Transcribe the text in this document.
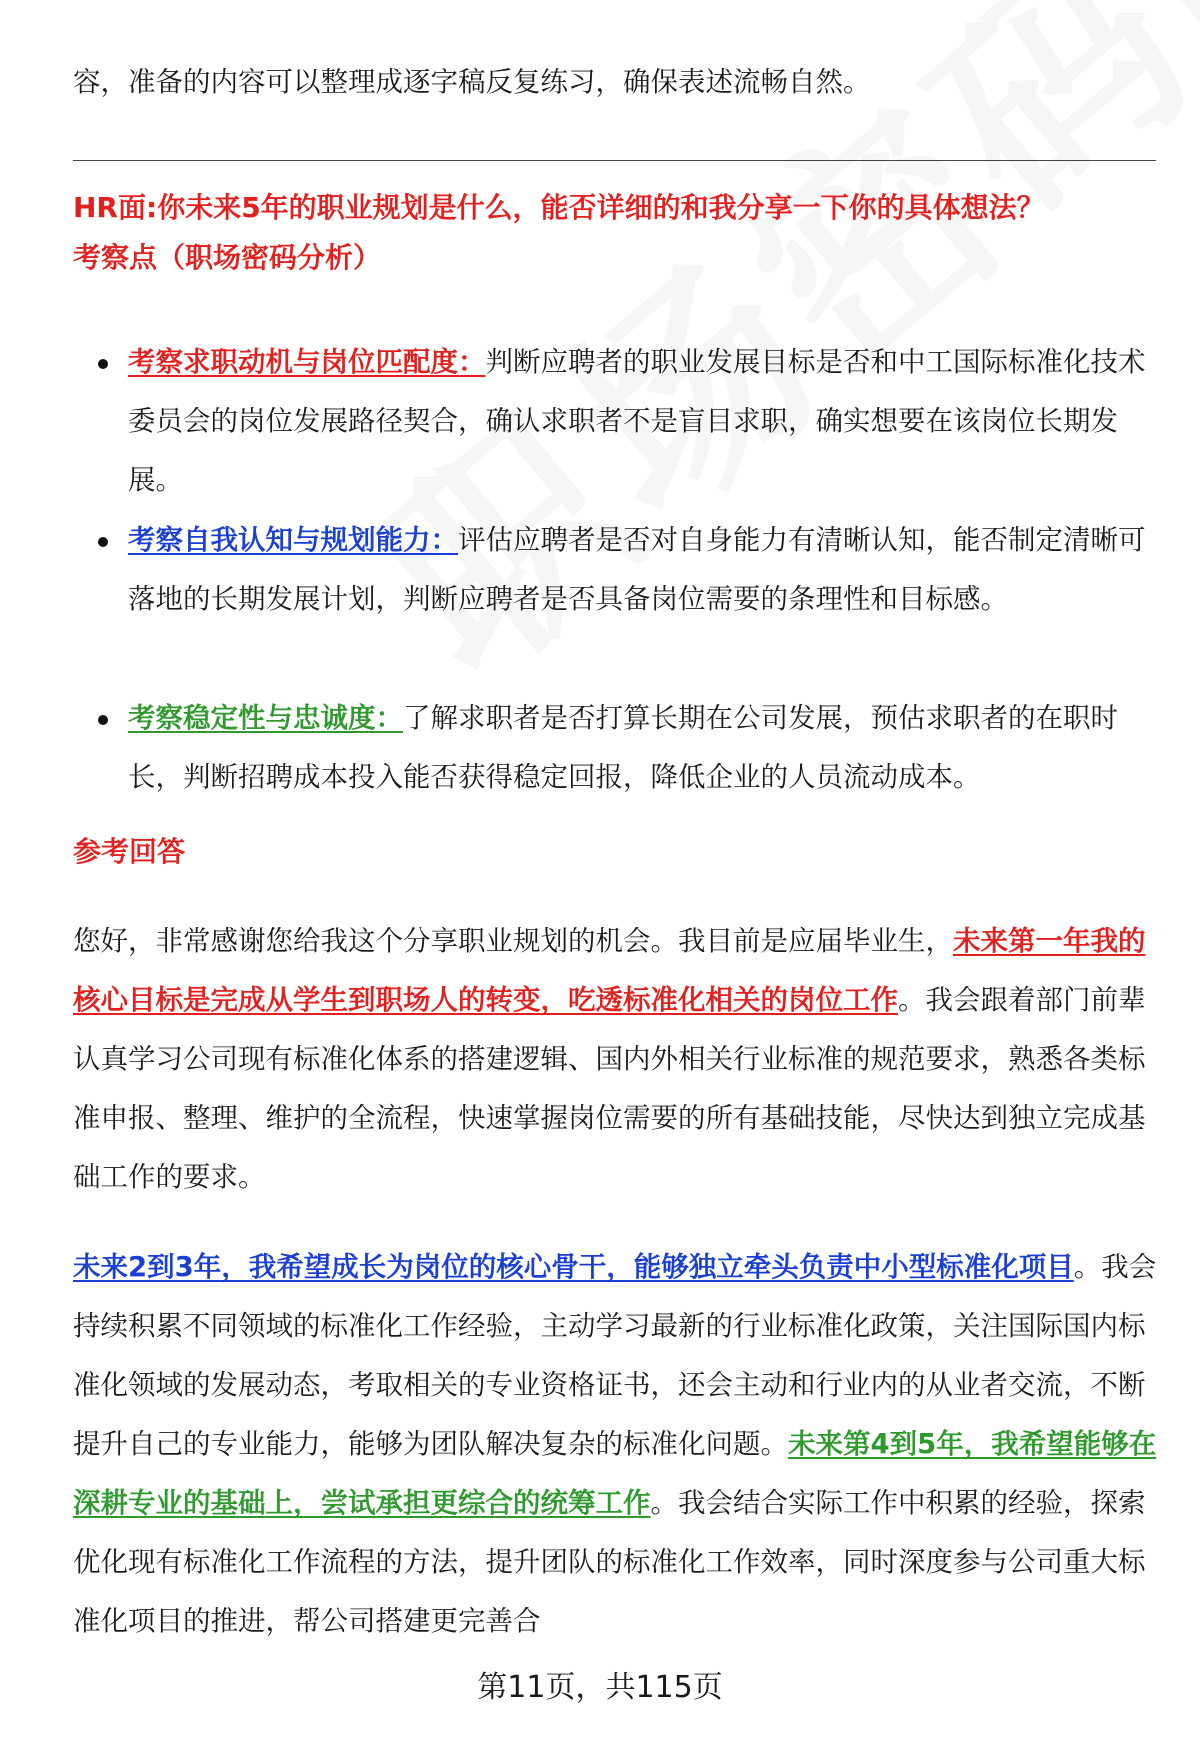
容，准备的内容可以整理成逐字稿反复练习，确保表述流畅自然。
HR面:你未来5年的职业规划是什么，能否详细的和我分享一下你的具体想法？
考察点（职场密码分析）
考察求职动机与岗位匹配度：判断应聘者的职业发展目标是否和中工国际标准化技术委员会的岗位发展路径契合，确认求职者不是盲目求职，确实想要在该岗位长期发展。
考察自我认知与规划能力：评估应聘者是否对自身能力有清晰认知，能否制定清晰可落地的长期发展计划，判断应聘者是否具备岗位需要的条理性和目标感。
考察稳定性与忠诚度：了解求职者是否打算长期在公司发展，预估求职者的在职时长，判断招聘成本投入能否获得稳定回报，降低企业的人员流动成本。
参考回答
您好，非常感谢您给我这个分享职业规划的机会。我目前是应届毕业生，未来第一年我的核心目标是完成从学生到职场人的转变，吃透标准化相关的岗位工作。我会跟着部门前辈认真学习公司现有标准化体系的搭建逻辑、国内外相关行业标准的规范要求，熟悉各类标准申报、整理、维护的全流程，快速掌握岗位需要的所有基础技能，尽快达到独立完成基础工作的要求。
未来2到3年，我希望成长为岗位的核心骨干，能够独立牵头负责中小型标准化项目。我会持续积累不同领域的标准化工作经验，主动学习最新的行业标准化政策，关注国际国内标准化领域的发展动态，考取相关的专业资格证书，还会主动和行业内的从业者交流，不断提升自己的专业能力，能够为团队解决复杂的标准化问题。未来第4到5年，我希望能够在深耕专业的基础上，尝试承担更综合的统筹工作。我会结合实际工作中积累的经验，探索优化现有标准化工作流程的方法，提升团队的标准化工作效率，同时深度参与公司重大标准化项目的推进，帮公司搭建更完善合
第11页，共115页
